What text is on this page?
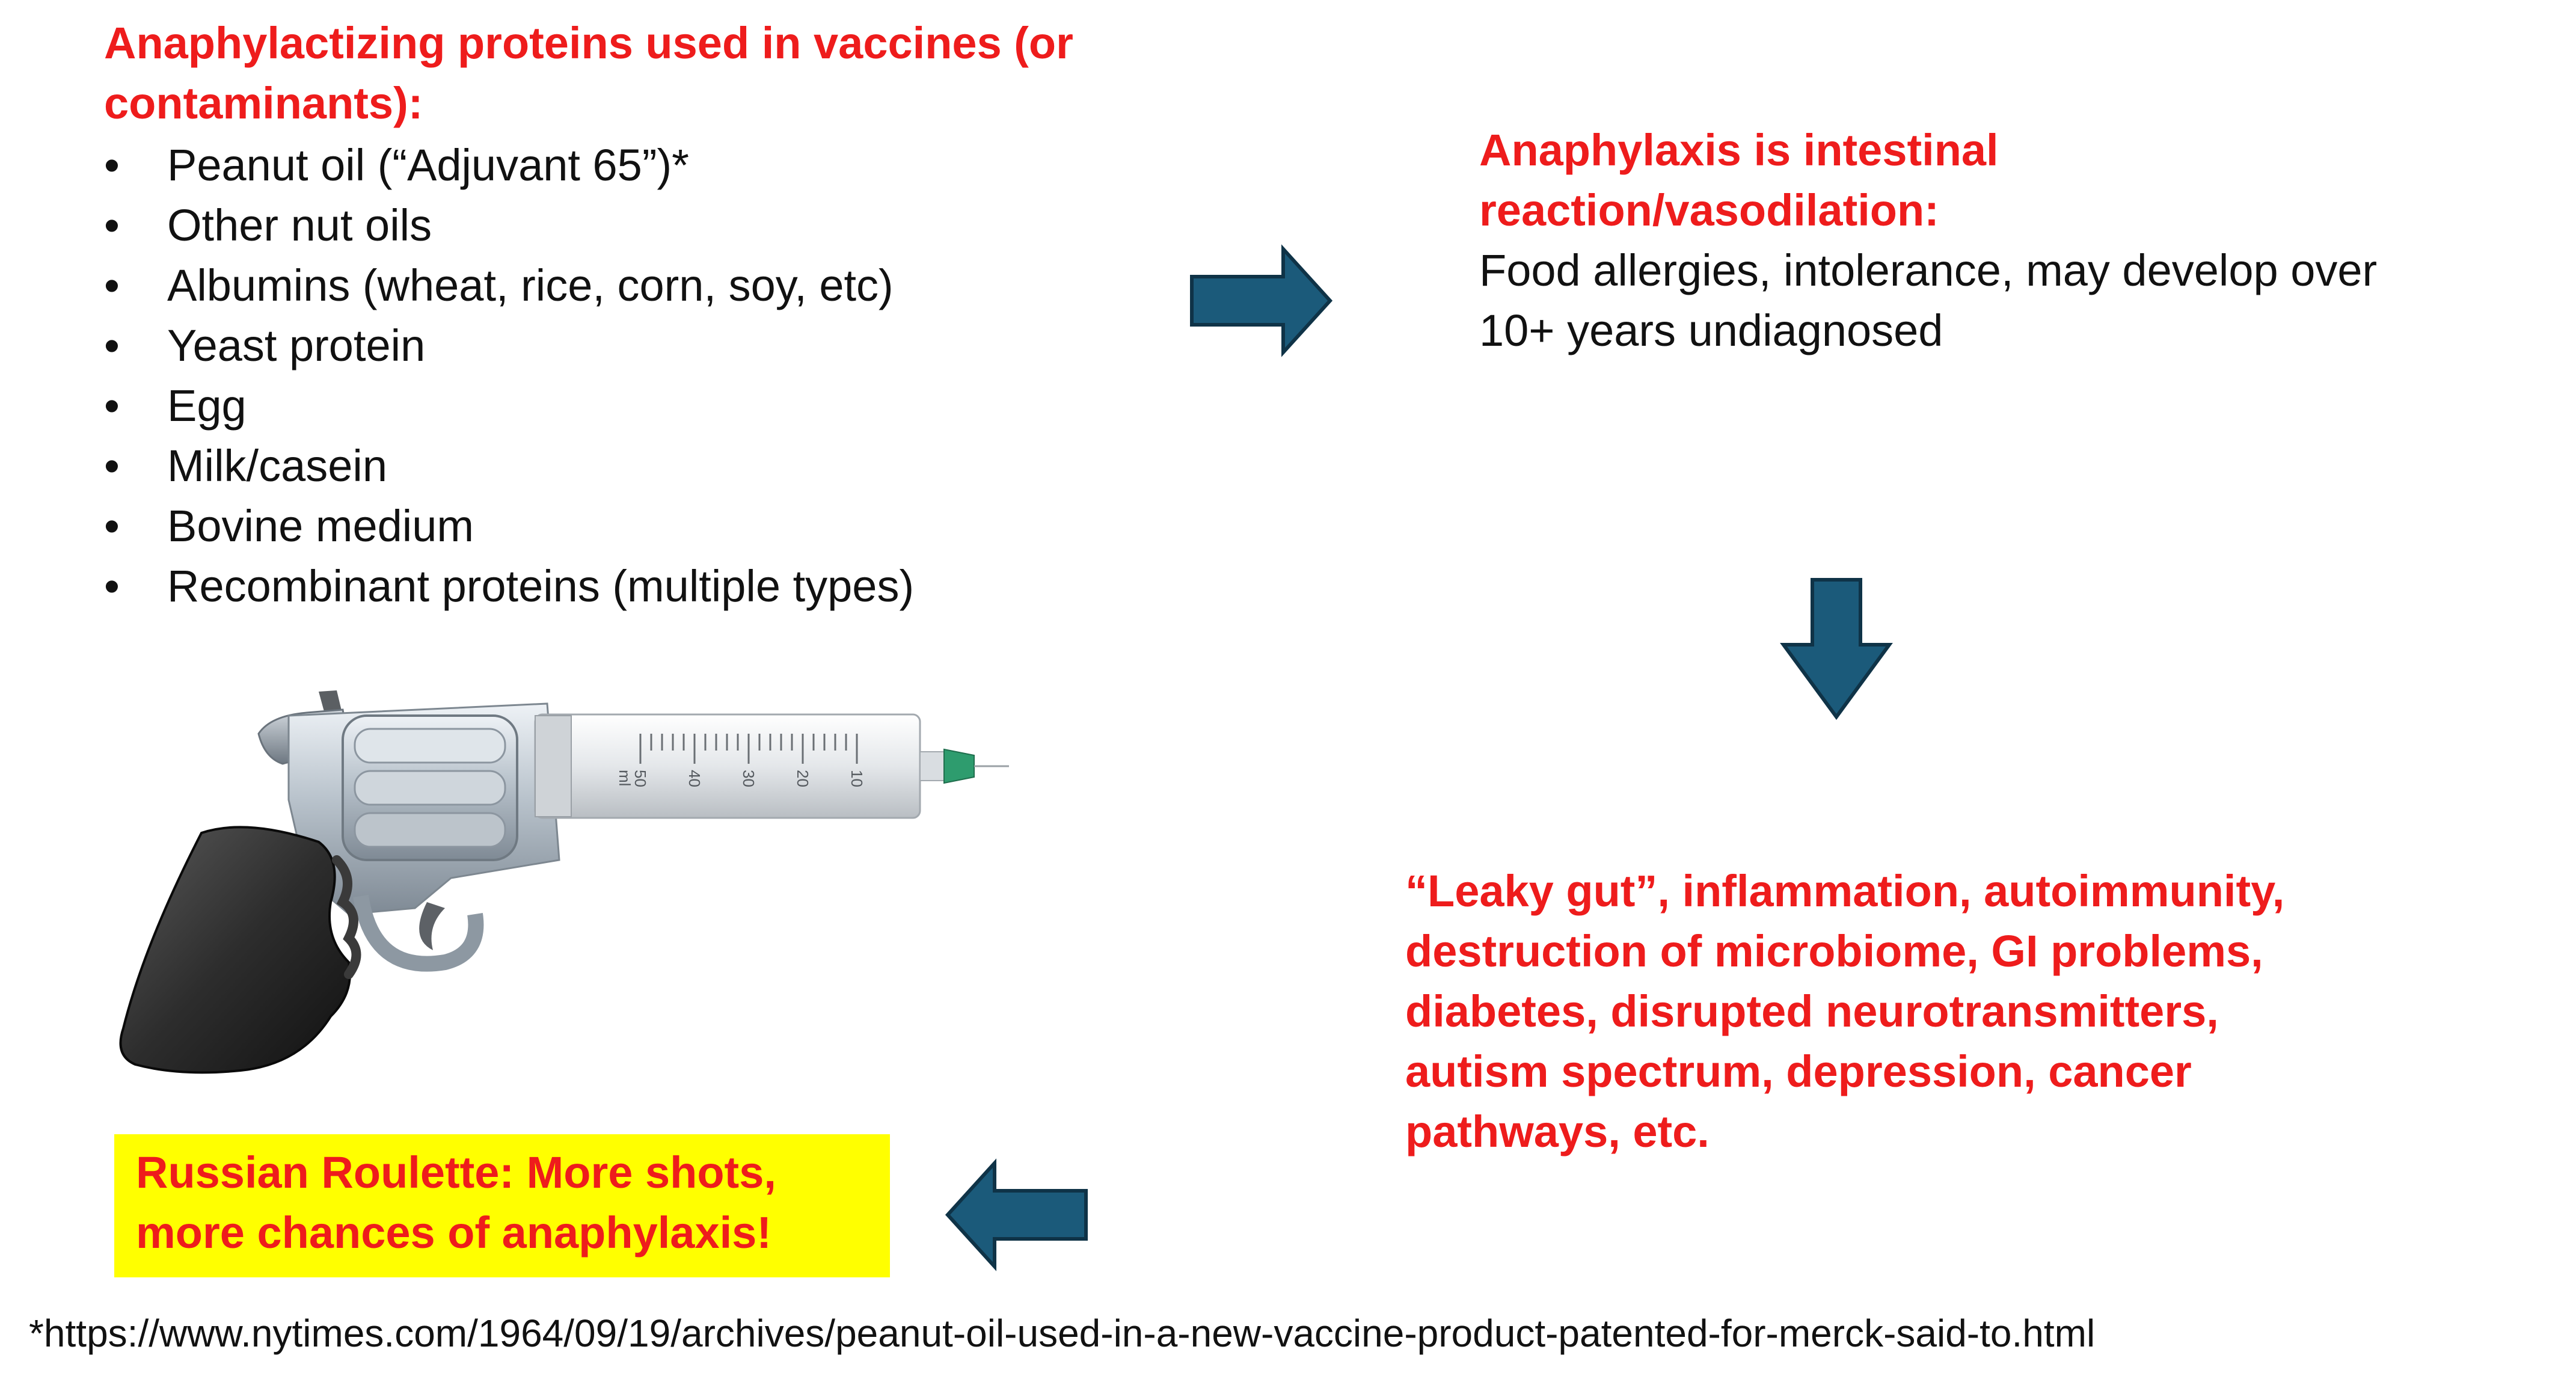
Anaphylactizing proteins used in vaccines (or contaminants):
• Peanut oil (“Adjuvant 65”)*
• Other nut oils
• Albumins (wheat, rice, corn, soy, etc)
• Yeast protein
• Egg
• Milk/casein
• Bovine medium
• Recombinant proteins (multiple types)
Anaphylaxis is intestinal reaction/vasodilation:
Food allergies, intolerance, may develop over 10+ years undiagnosed
“Leaky gut”, inflammation, autoimmunity, destruction of microbiome, GI problems, diabetes, disrupted neurotransmitters, autism spectrum, depression, cancer pathways, etc.
Russian Roulette: More shots, more chances of anaphylaxis!
ml
50 40 30 20 10
*https://www.nytimes.com/1964/09/19/archives/peanut-oil-used-in-a-new-vaccine-product-patented-for-merck-said-to.html
